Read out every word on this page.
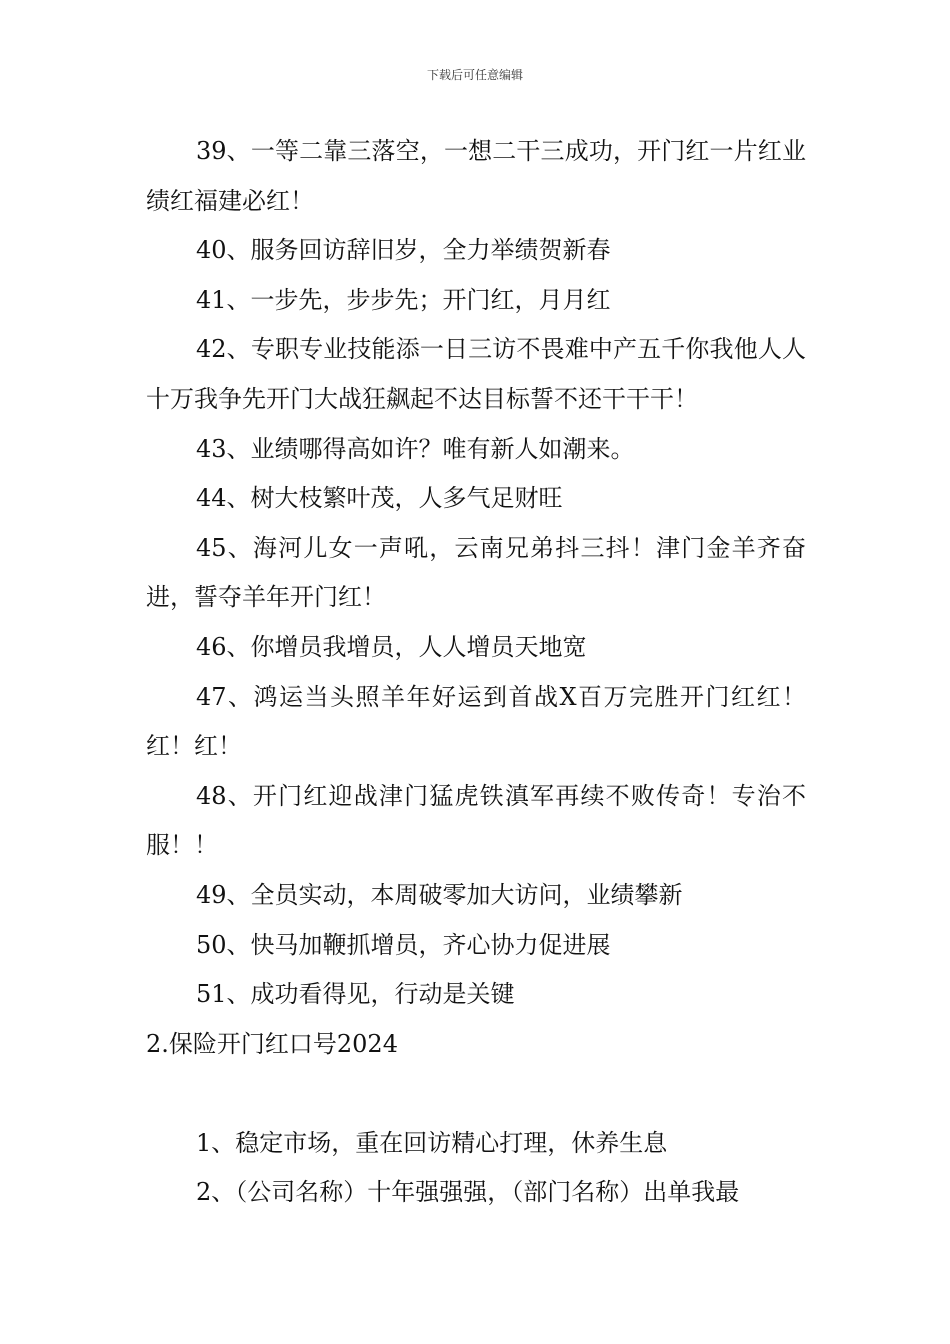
下载后可任意编辑

39、一等二靠三落空，一想二干三成功，开门红一片红业绩红福建必红！

40、服务回访辞旧岁，全力举绩贺新春

41、一步先，步步先；开门红，月月红

42、专职专业技能添一日三访不畏难中产五千你我他人人十万我争先开门大战狂飙起不达目标誓不还干干干！

43、业绩哪得高如许？唯有新人如潮来。

44、树大枝繁叶茂，人多气足财旺

45、海河儿女一声吼，云南兄弟抖三抖！津门金羊齐奋进，誓夺羊年开门红！

46、你增员我增员，人人增员天地宽

47、鸿运当头照羊年好运到首战X百万完胜开门红红！红！红！

48、开门红迎战津门猛虎铁滇军再续不败传奇！专治不服！！

49、全员实动，本周破零加大访问，业绩攀新

50、快马加鞭抓增员，齐心协力促进展

51、成功看得见，行动是关键

2.保险开门红口号2024

1、稳定市场，重在回访精心打理，休养生息

2、（公司名称）十年强强强，（部门名称）出单我最
